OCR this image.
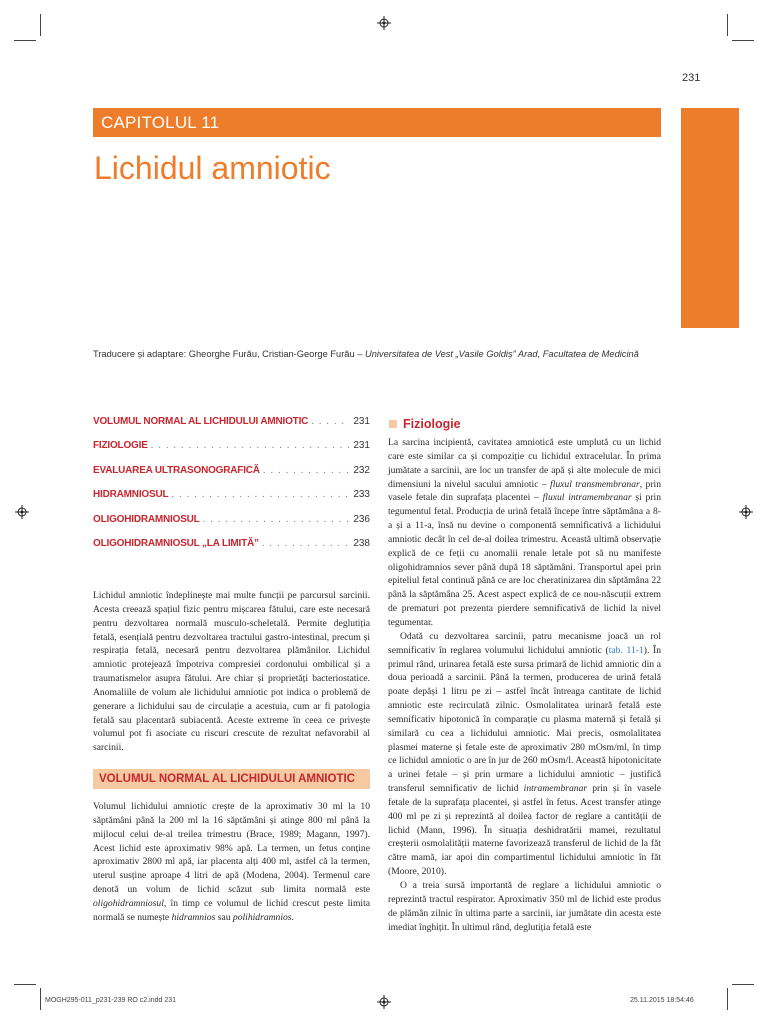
231
CAPITOLUL 11
Lichidul amniotic
Traducere și adaptare: Gheorghe Furău, Cristian-George Furău – Universitatea de Vest „Vasile Goldiș” Arad, Facultatea de Medicină
VOLUMUL NORMAL AL LICHIDULUI AMNIOTIC . . .	231
FIZIOLOGIE . . .	231
EVALUAREA ULTRASONOGRAFICĂ . . .	232
HIDRAMNIOSUL . . .	233
OLIGOHIDRAMNIOSUL . . .	236
OLIGOHIDRAMNIOSUL „LA LIMITĂ” . . .	238

Lichidul amniotic îndeplinește mai multe funcții pe parcursul sarcinii. Acesta creează spațiul fizic pentru mișcarea fătului, care este necesară pentru dezvoltarea normală musculo-scheletală. Permite deglutiția fetală, esențială pentru dezvoltarea tractului gastro-intestinal, precum și respirația fetală, necesară pentru dezvoltarea plămânilor. Lichidul amniotic protejează împotriva compresiei cordonului ombilical și a traumatismelor asupra fătului. Are chiar și proprietăți bacteriostatice. Anomaliile de volum ale lichidului amniotic pot indica o problemă de generare a lichidului sau de circulație a acestuia, cum ar fi patologia fetală sau placentară subiacentă. Aceste extreme în ceea ce privește volumul pot fi asociate cu riscuri crescute de rezultat nefavorabil al sarcinii.

VOLUMUL NORMAL AL LICHIDULUI AMNIOTIC

Volumul lichidului amniotic crește de la aproximativ 30 ml la 10 săptămâni până la 200 ml la 16 săptămâni și atinge 800 ml până la mijlocul celui de-al treilea trimestru (Brace, 1989; Magann, 1997). Acest lichid este aproximativ 98% apă. La termen, un fetus conține aproximativ 2800 ml apă, iar placenta alți 400 ml, astfel că la termen, uterul susține aproape 4 litri de apă (Modena, 2004). Termenul care denotă un volum de lichid scăzut sub limita normală este oligohidramniosul, în timp ce volumul de lichid crescut peste limita normală se numește hidramnios sau polihidramnios.

Fiziologie

La sarcina incipientă, cavitatea amniotică este umplută cu un lichid care este similar ca și compoziție cu lichidul extracelular. În prima jumătate a sarcinii, are loc un transfer de apă și alte molecule de mici dimensiuni la nivelul sacului amniotic – fluxul transmembranar, prin vasele fetale din suprafața placentei – fluxul intramembranar și prin tegumentul fetal. Producția de urină fetală începe între săptămâna a 8-a și a 11-a, însă nu devine o componentă semnificativă a lichidului amniotic decât în cel de-al doilea trimestru. Această ultimă observație explică de ce feții cu anomalii renale letale pot să nu manifeste oligohidramnios sever până după 18 săptămâni. Transportul apei prin epiteliul fetal continuă până ce are loc cheratinizarea din săptămâna 22 până la săptămâna 25. Acest aspect explică de ce nou-născuții extrem de prematuri pot prezenta pierdere semnificativă de lichid la nivel tegumentar.

Odată cu dezvoltarea sarcinii, patru mecanisme joacă un rol semnificativ în reglarea volumului lichidului amniotic (tab. 11-1). În primul rând, urinarea fetală este sursa primară de lichid amniotic din a doua perioadă a sarcinii. Până la termen, producerea de urină fetală poate depăși 1 litru pe zi – astfel încât întreaga cantitate de lichid amniotic este recirculată zilnic. Osmolalitatea urinară fetală este semnificativ hipotonică în comparație cu plasma maternă și fetală și similară cu cea a lichidului amniotic. Mai precis, osmolalitatea plasmei materne și fetale este de aproximativ 280 mOsm/ml, în timp ce lichidul amniotic o are în jur de 260 mOsm/l. Această hipotonicitate a urinei fetale – și prin urmare a lichidului amniotic – justifică transferul semnificativ de lichid intramembranar prin și în vasele fetale de la suprafața placentei, și astfel în fetus. Acest transfer atinge 400 ml pe zi și reprezintă al doilea factor de reglare a cantității de lichid (Mann, 1996). În situația deshidratării mamei, rezultatul creșterii osmolalității materne favorizează transferul de lichid de la făt către mamă, iar apoi din compartimentul lichidului amniotic în făt (Moore, 2010).

O a treia sursă importantă de reglare a lichidului amniotic o reprezintă tractul respirator. Aproximativ 350 ml de lichid este produs de plămân zilnic în ultima parte a sarcinii, iar jumătate din acesta este imediat înghițit. În ultimul rând, deglutiția fetală este

MOGH295-011_p231-239 RO c2.indd 231	25.11.2015 18:54:46
